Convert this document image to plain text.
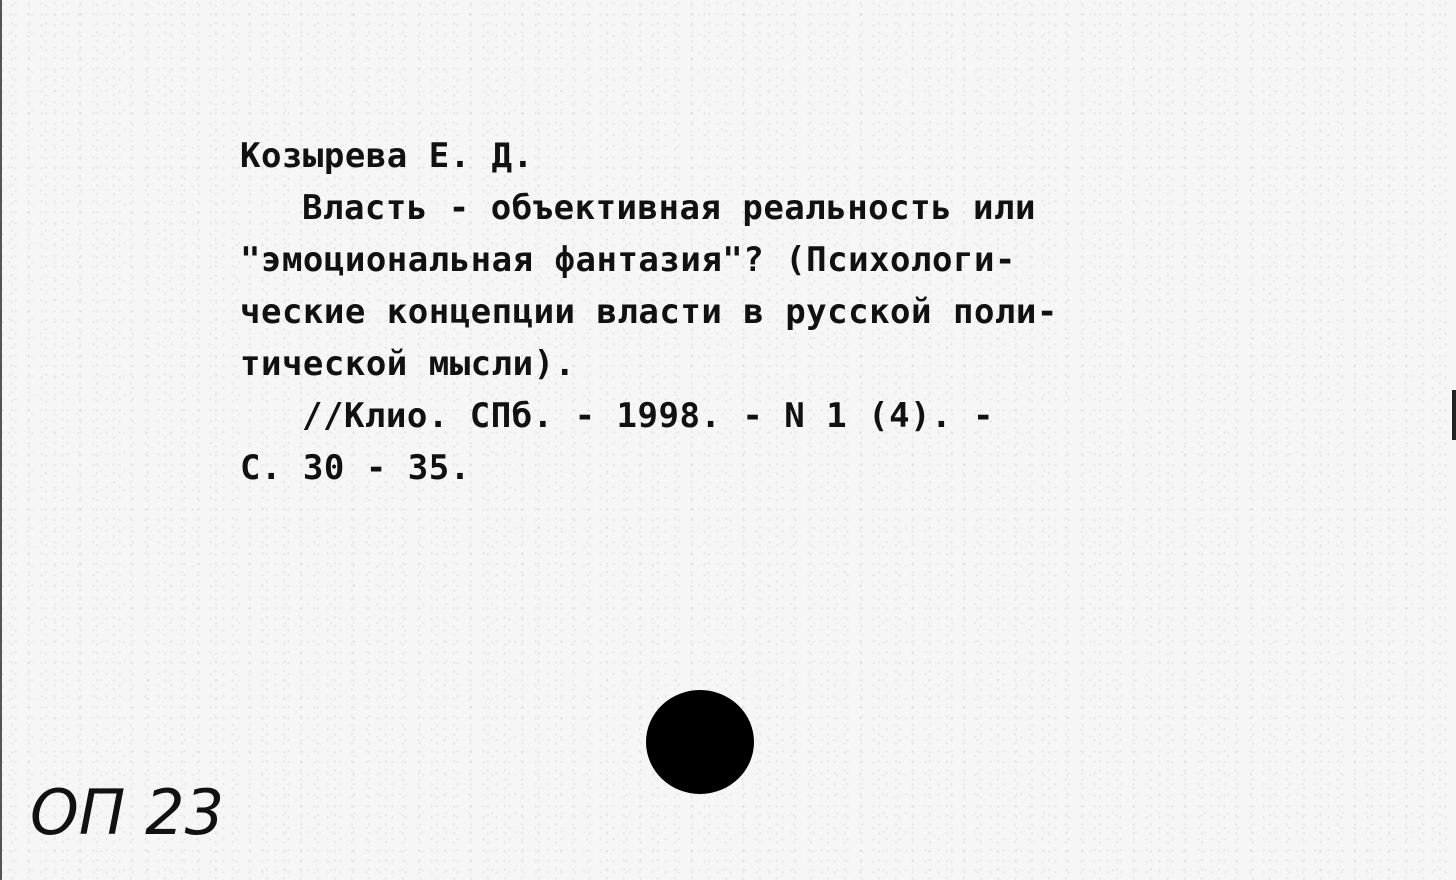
Козырева Е. Д.
Власть - объективная реальность или
"эмоциональная фантазия"? (Психологи-
ческие концепции власти в русской поли-
тической мысли).
//Клио. СПб. - 1998. - N 1 (4). -
С. 30 - 35.
ОП 23
